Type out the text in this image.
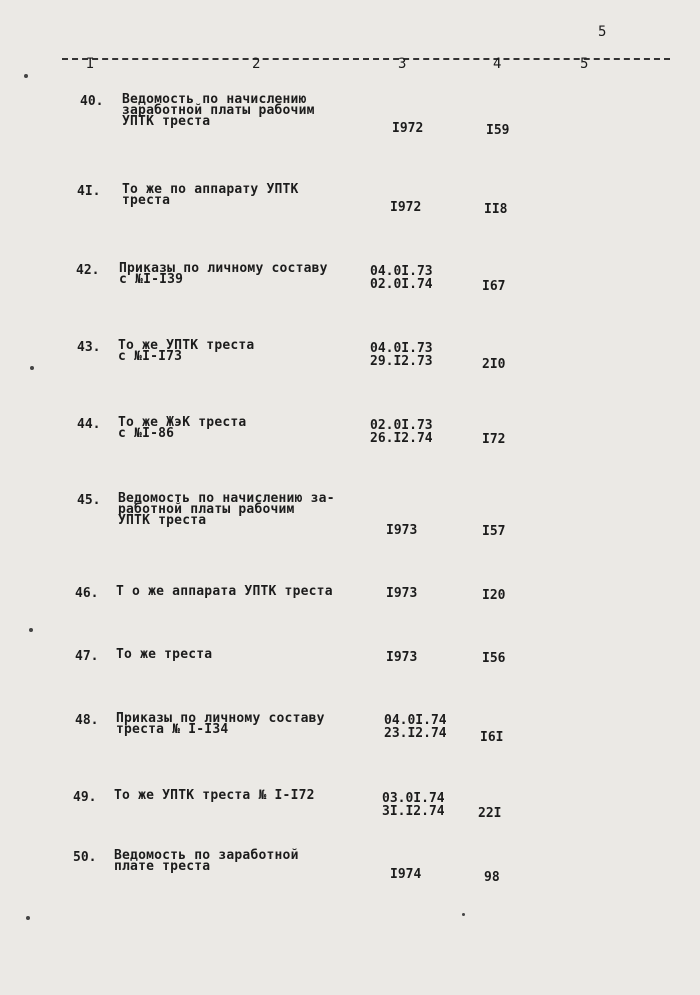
5
I	2	3	4	5
40. Ведомость по начислению
заработной платы рабочим
УПТК треста	I972	I59
4I. То же по аппарату УПТК
треста	I972	II8
42. Приказы по личному составу
с №I-I39
04.0I.73
02.0I.74	I67
43. То же УПТК треста
с №I-I73
04.0I.73
29.I2.73	2I0
44. То же ЖэК треста
с №I-86
02.0I.73
26.I2.74	I72
45. Ведомость по начислению за-
работной платы рабочим
УПТК треста
I973	I57
46. Т о же аппарата УПТК треста	I973	I20
47. То же треста	I973	I56
48. Приказы по личному составу
треста № I-I34
04.0I.74
23.I2.74	I6I
49. То же УПТК треста № I-I72	03.0I.74
3I.I2.74	22I
50. Ведомость по заработной
плате треста
I974	98
